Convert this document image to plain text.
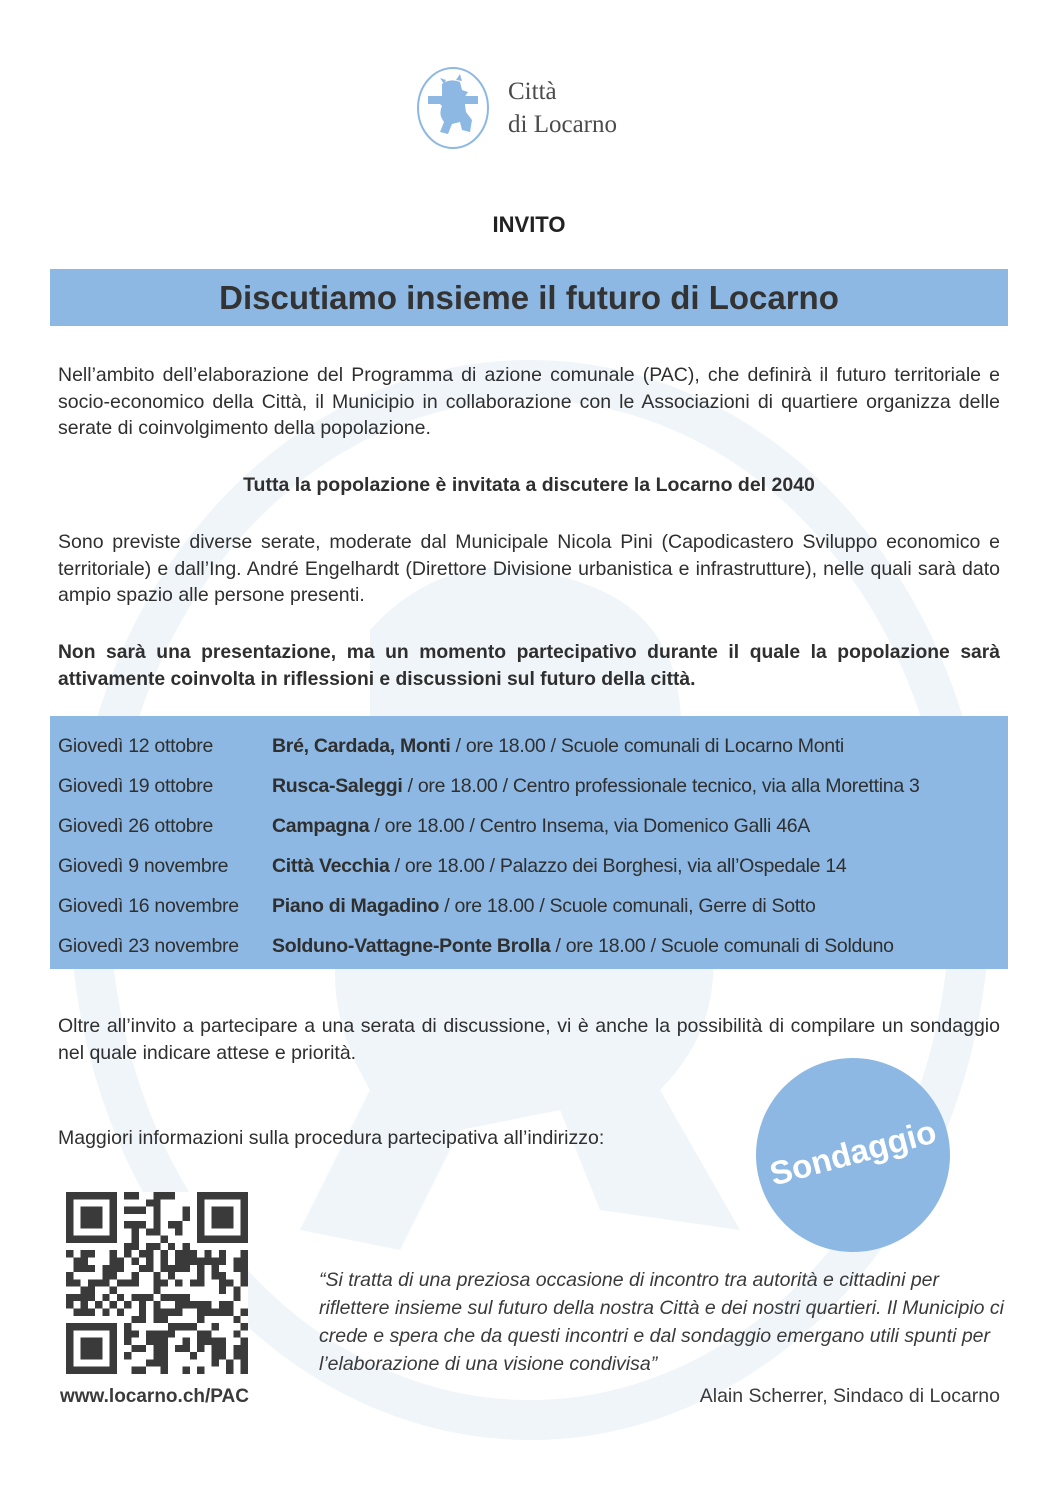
Città
di Locarno
INVITO
Discutiamo insieme il futuro di Locarno
Nell’ambito dell’elaborazione del Programma di azione comunale (PAC), che definirà il futuro territoriale e socio-economico della Città, il Municipio in collaborazione con le Associazioni di quartiere organizza delle serate di coinvolgimento della popolazione.
Tutta la popolazione è invitata a discutere la Locarno del 2040
Sono previste diverse serate, moderate dal Municipale Nicola Pini (Capodicastero Sviluppo economico e territoriale) e dall’Ing. André Engelhardt (Direttore Divisione urbanistica e infrastrutture), nelle quali sarà dato ampio spazio alle persone presenti.
Non sarà una presentazione, ma un momento partecipativo durante il quale la popolazione sarà attivamente coinvolta in riflessioni e discussioni sul futuro della città.
Giovedì 12 ottobre	Bré, Cardada, Monti / ore 18.00 / Scuole comunali di Locarno Monti
Giovedì 19 ottobre	Rusca-Saleggi / ore 18.00 / Centro professionale tecnico, via alla Morettina 3
Giovedì 26 ottobre	Campagna / ore 18.00 / Centro Insema, via Domenico Galli 46A
Giovedì 9 novembre Città Vecchia / ore 18.00 / Palazzo dei Borghesi, via all’Ospedale 14
Giovedì 16 novembre Piano di Magadino / ore 18.00 / Scuole comunali, Gerre di Sotto
Giovedì 23 novembre Solduno-Vattagne-Ponte Brolla / ore 18.00 / Scuole comunali di Solduno
Oltre all’invito a partecipare a una serata di discussione, vi è anche la possibilità di compilare un sondaggio nel quale indicare attese e priorità.
Maggiori informazioni sulla procedura partecipativa all’indirizzo:	Sondaggio
www.locarno.ch/PAC
“Si tratta di una preziosa occasione di incontro tra autorità e cittadini per riflettere insieme sul futuro della nostra Città e dei nostri quartieri. Il Municipio ci crede e spera che da questi incontri e dal sondaggio emergano utili spunti per l’elaborazione di una visione condivisa”
Alain Scherrer, Sindaco di Locarno
